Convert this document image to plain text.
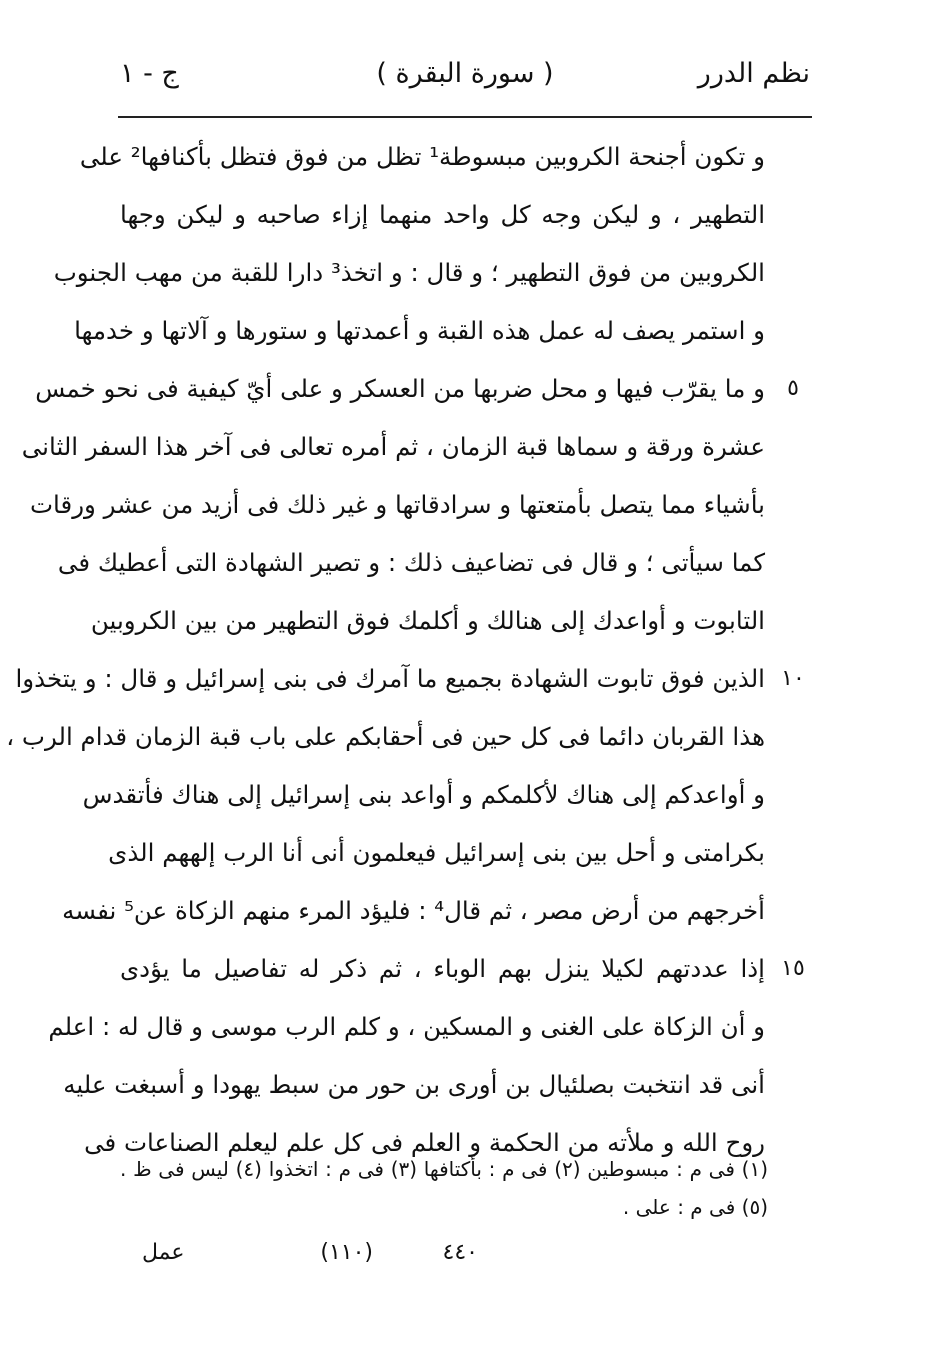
نظم الدرر
( سورة البقرة )
ج - ١
و تكون أجنحة الكروبين مبسوطة¹ تظل من فوق فتظل بأكنافها² على
التطهير ، و ليكن وجه كل واحد منهما إزاء صاحبه و ليكن وجها
الكروبين من فوق التطهير ؛ و قال : و اتخذ³ دارا للقبة من مهب الجنوب
و استمر يصف له عمل هذه القبة و أعمدتها و ستورها و آلاتها و خدمها
و ما يقرّب فيها و محل ضربها من العسكر و على أيّ كيفية فى نحو خمس
عشرة ورقة و سماها قبة الزمان ، ثم أمره تعالى فى آخر هذا السفر الثانى
بأشياء مما يتصل بأمتعتها و سرادقاتها و غير ذلك فى أزيد من عشر ورقات
كما سيأتى ؛ و قال فى تضاعيف ذلك : و تصير الشهادة التى أعطيك فى
التابوت و أواعدك إلى هنالك و أكلمك فوق التطهير من بين الكروبين
الذين فوق تابوت الشهادة بجميع ما آمرك فى بنى إسرائيل و قال : و يتخذوا
هذا القربان دائما فى كل حين فى أحقابكم على باب قبة الزمان قدام الرب ،
و أواعدكم إلى هناك لأكلمكم و أواعد بنى إسرائيل إلى هناك فأتقدس
بكرامتى و أحل بين بنى إسرائيل فيعلمون أنى أنا الرب إلههم الذى
أخرجهم من أرض مصر ، ثم قال⁴ : فليؤد المرء منهم الزكاة عن⁵ نفسه
إذا عددتهم لكيلا ينزل بهم الوباء ، ثم ذكر له تفاصيل ما يؤدى
و أن الزكاة على الغنى و المسكين ، و كلم الرب موسى و قال له : اعلم
أنى قد انتخبت بصلئيال بن أورى بن حور من سبط يهودا و أسبغت عليه
روح الله و ملأته من الحكمة و العلم فى كل علم ليعلم الصناعات فى
٥
١٠
١٥
(١) فى م : مبسوطين (٢) فى م : بأكتافها (٣) فى م : اتخذوا (٤) ليس فى ظ .
(٥) فى م : على .
٤٤٠
(١١٠)
عمل
